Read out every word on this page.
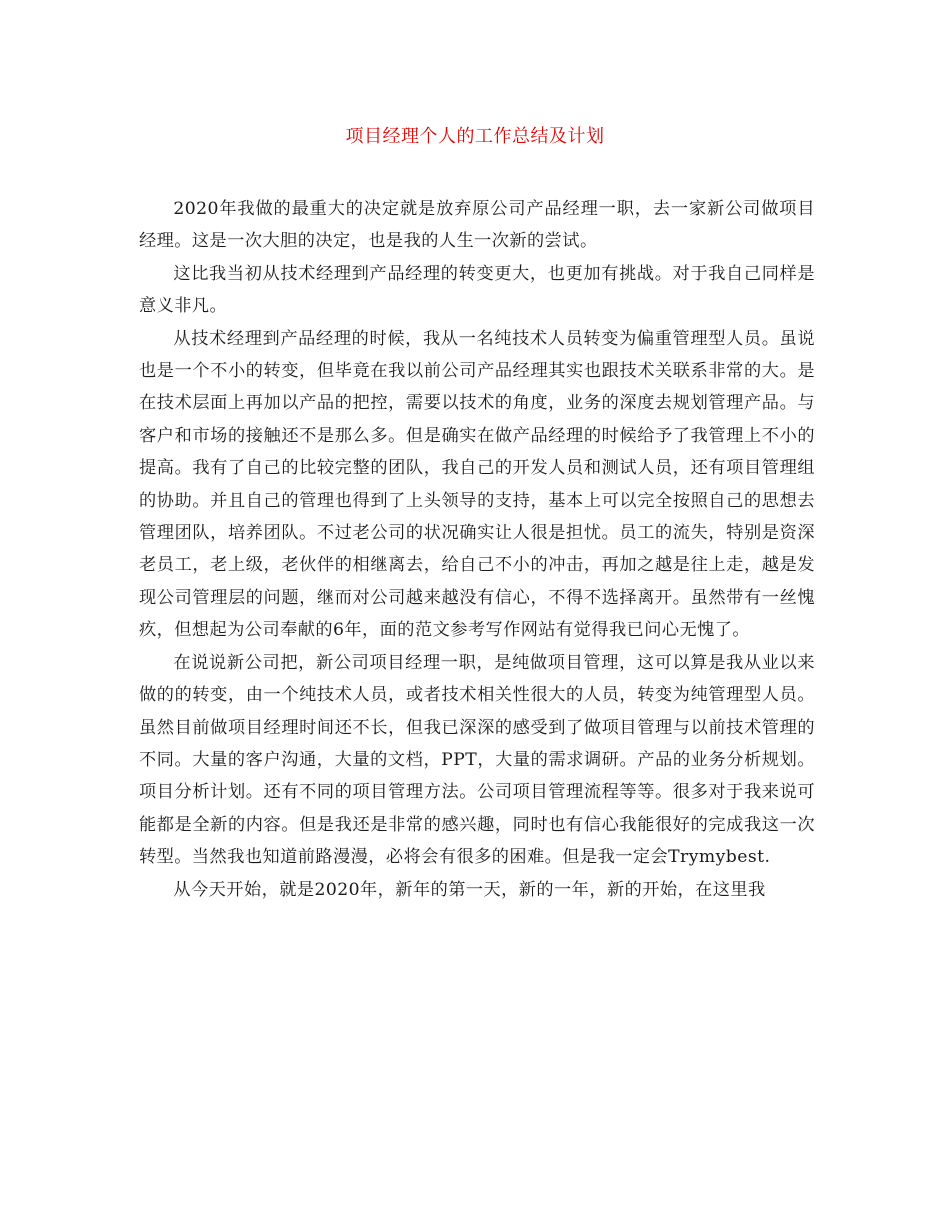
项目经理个人的工作总结及计划

2020年我做的最重大的决定就是放弃原公司产品经理一职，去一家新公司做项目经理。这是一次大胆的决定，也是我的人生一次新的尝试。

这比我当初从技术经理到产品经理的转变更大，也更加有挑战。对于我自己同样是意义非凡。

从技术经理到产品经理的时候，我从一名纯技术人员转变为偏重管理型人员。虽说也是一个不小的转变，但毕竟在我以前公司产品经理其实也跟技术关联系非常的大。是在技术层面上再加以产品的把控，需要以技术的角度，业务的深度去规划管理产品。与客户和市场的接触还不是那么多。但是确实在做产品经理的时候给予了我管理上不小的提高。我有了自己的比较完整的团队，我自己的开发人员和测试人员，还有项目管理组的协助。并且自己的管理也得到了上头领导的支持，基本上可以完全按照自己的思想去管理团队，培养团队。不过老公司的状况确实让人很是担忧。员工的流失，特别是资深老员工，老上级，老伙伴的相继离去，给自己不小的冲击，再加之越是往上走，越是发现公司管理层的问题，继而对公司越来越没有信心，不得不选择离开。虽然带有一丝愧疚，但想起为公司奉献的6年，面的范文参考写作网站有觉得我已问心无愧了。

在说说新公司把，新公司项目经理一职，是纯做项目管理，这可以算是我从业以来做的的转变，由一个纯技术人员，或者技术相关性很大的人员，转变为纯管理型人员。虽然目前做项目经理时间还不长，但我已深深的感受到了做项目管理与以前技术管理的不同。大量的客户沟通，大量的文档，PPT，大量的需求调研。产品的业务分析规划。项目分析计划。还有不同的项目管理方法。公司项目管理流程等等。很多对于我来说可能都是全新的内容。但是我还是非常的感兴趣，同时也有信心我能很好的完成我这一次转型。当然我也知道前路漫漫，必将会有很多的困难。但是我一定会Trymybest.

从今天开始，就是2020年，新年的第一天，新的一年，新的开始，在这里我
